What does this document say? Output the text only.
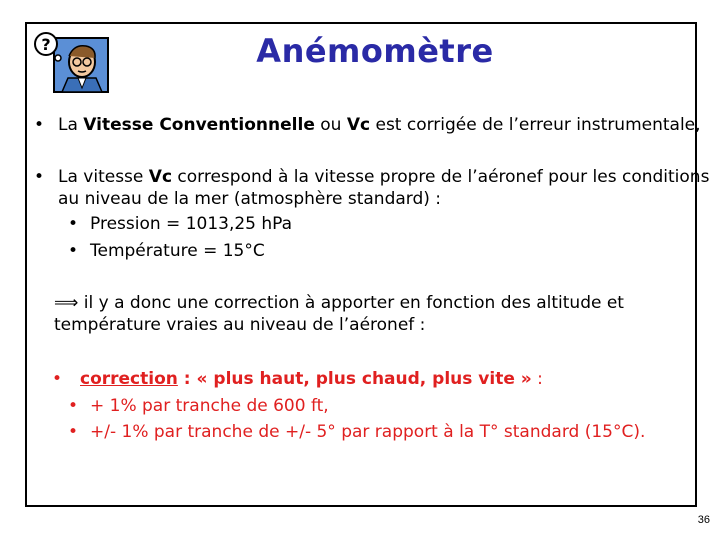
?	Anémomètre
• La Vitesse Conventionnelle ou Vc est corrigée de l’erreur instrumentale,
• La vitesse Vc correspond à la vitesse propre de l’aéronef pour les conditions
au niveau de la mer (atmosphère standard) :
• Pression = 1013,25 hPa
• Température = 15°C
⟹ il y a donc une correction à apporter en fonction des altitude et
température vraies au niveau de l’aéronef :
• correction : « plus haut, plus chaud, plus vite » :
• + 1% par tranche de 600 ft,
• +/- 1% par tranche de +/- 5° par rapport à la T° standard (15°C).
36
